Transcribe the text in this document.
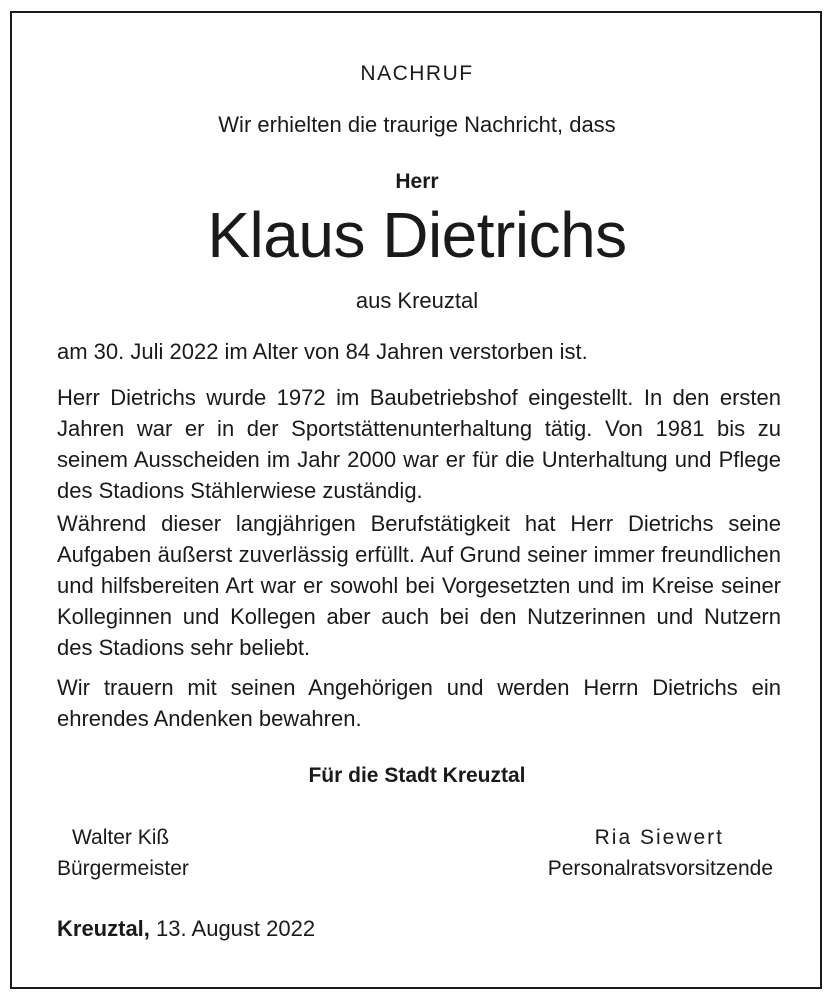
NACHRUF
Wir erhielten die traurige Nachricht, dass
Herr
Klaus Dietrichs
aus Kreuztal
am 30. Juli 2022 im Alter von 84 Jahren verstorben ist.
Herr Dietrichs wurde 1972 im Baubetriebshof eingestellt. In den ersten Jahren war er in der Sportstättenunterhaltung tätig. Von 1981 bis zu seinem Ausscheiden im Jahr 2000 war er für die Unterhaltung und Pflege des Stadions Stählerwiese zuständig.
Während dieser langjährigen Berufstätigkeit hat Herr Dietrichs seine Aufgaben äußerst zuverlässig erfüllt. Auf Grund seiner immer freundlichen und hilfsbereiten Art war er sowohl bei Vorgesetzten und im Kreise seiner Kolleginnen und Kollegen aber auch bei den Nutzerinnen und Nutzern des Stadions sehr beliebt.
Wir trauern mit seinen Angehörigen und werden Herrn Dietrichs ein ehrendes Andenken bewahren.
Für die Stadt Kreuztal
Walter Kiß
Bürgermeister
Ria Siewert
Personalratsvorsitzende
Kreuztal, 13. August 2022
